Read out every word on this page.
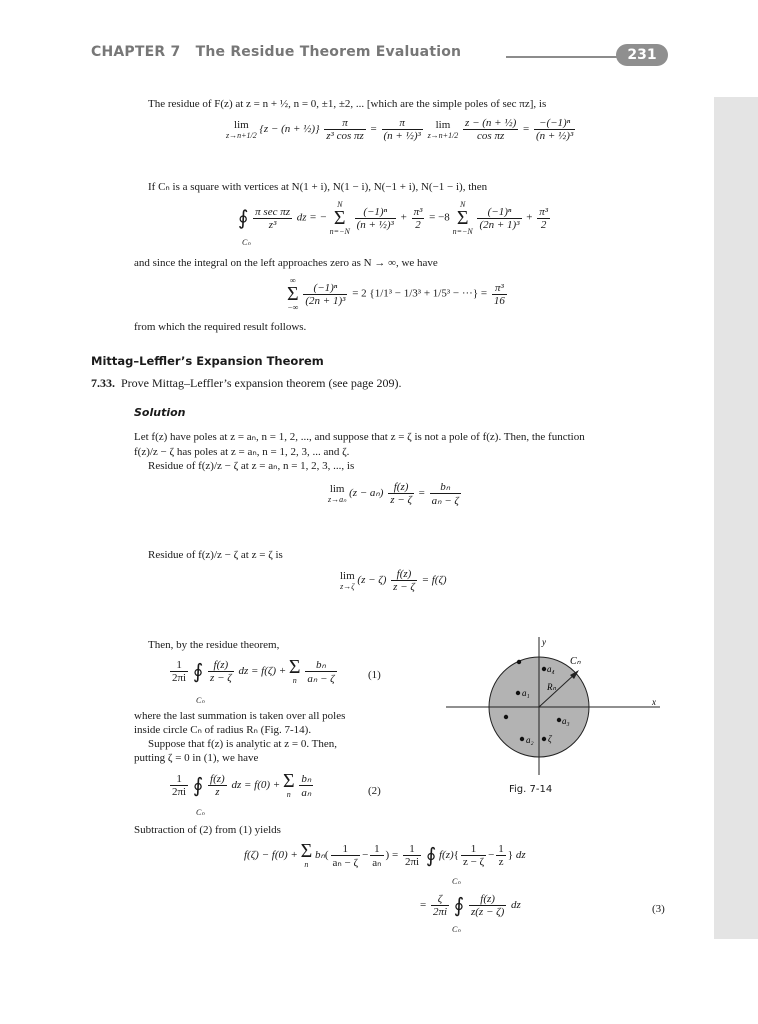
CHAPTER 7 The Residue Theorem Evaluation	231
The residue of F(z) at z = n + ½, n = 0, ±1, ±2, ... [which are the simple poles of sec πz], is
lim
z→n+1/2
{z − (n + ½)} $\frac{\pi}{\text{z³ cos πz}} = \frac{\pi}{\text{(n + ½)³}}$
	lim
z→n+1/2
$\frac{\text{z − (n + ½)}}{\text{cos πz}} = \frac{\text{−(−1)ⁿ}}{\text{(n + ½)³}}$
If Cₙ is a square with vertices at N(1 + i), N(1 − i), N(−1 + i), N(−1 − i), then
∮ $\frac{\text{π sec πz}}{\text{z³}}$ dz = −
N
Σ
n=−N

$\frac{\text{(−1)ⁿ}}{\text{(n + ½)³}} + \frac{\text{π³}}{2} = -8$
N
Σ
n=−N

$\frac{\text{(−1)ⁿ}}{\text{(2n + 1)³}} + \frac{\text{π³}}{2}$
Cₙ
and since the integral on the left approaches zero as N → ∞, we have
∞
Σ
−∞

$\frac{\text{(−1)ⁿ}}{\text{(2n + 1)³}} = 2$ {1/1³ − 1/3³ + 1/5³ − ···} = $\frac{\text{π³}}{16}$
from which the required result follows.
Mittag–Leffler’s Expansion Theorem
7.33. Prove Mittag–Leffler’s expansion theorem (see page 209).
Solution
Let f(z) have poles at z = aₙ, n = 1, 2, ..., and suppose that z = ζ is not a pole of f(z). Then, the function
f(z)/z − ζ has poles at z = aₙ, n = 1, 2, 3, ... and ζ.
Residue of f(z)/z − ζ at z = aₙ, n = 1, 2, 3, ..., is
lim
z→aₙ
$(z - a_n) \frac{f(z)}{z - \zeta} = \frac{\text{bₙ}}{\text{aₙ − ζ}}$
Residue of f(z)/z − ζ at z = ζ is
lim
z→ζ
$(z - \zeta) \frac{f(z)}{z - \zeta} = f(\zeta)$
Then, by the residue theorem,
$\frac{1}{2\pi i}$ ∮ $\frac{f(z)}{z - \zeta}$ dz = f(ζ) + Σ
n
$\frac{\text{bₙ}}{\text{aₙ − ζ}}$
Cₙ
(1)
where the last summation is taken over all poles
inside circle Cₙ of radius Rₙ (Fig. 7-14).
Suppose that f(z) is analytic at z = 0. Then,
putting ζ = 0 in (1), we have
$\frac{1}{2\pi i}$ ∮ $\frac{f(z)}{z}$ dz = f(0) + Σ
n
$\frac{\text{bₙ}}{\text{aₙ}}$
Cₙ
(2)
y
x
Cₙ
Rₙ
a₄
a₁
a₃
a₂ ζ
Fig. 7-14
Subtraction of (2) from (1) yields
f(ζ) − f(0) + Σ
n
$b_n( \frac{1}{\text{aₙ − ζ}} - \frac{1}{\text{aₙ}}$ ) = $\frac{1}{2\pi i}$ ∮ $f(z)\{ \frac{1}{z - \zeta} - \frac{1}{z}$ } dz
Cₙ
= $\frac{\zeta}{2\pi i}$ ∮ $\frac{f(z)}{z(z - \zeta)}$ dz
Cₙ
(3)
